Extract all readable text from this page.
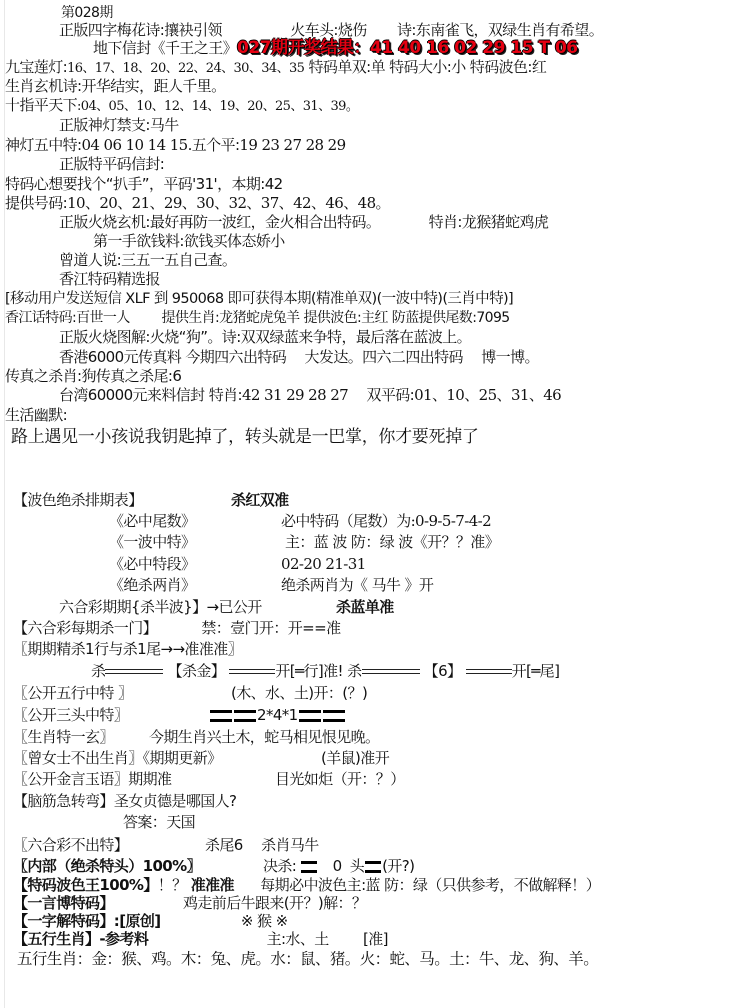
第028期
正版四字梅花诗:攘袂引领	火车头:烧伤 诗:东南雀飞，双绿生肖有希望。
地下信封《千王之王》027期开奖结果：41 40 16 02 29 15 T 06
九宝莲灯:16、17、18、20、22、24、30、34、35 特码单双:单 特码大小:小 特码波色:红
生肖玄机诗:开华结实，距人千里。
十指平天下:04、05、10、12、14、19、20、25、31、39。
正版神灯禁支:马牛
神灯五中特:04 06 10 14 15.五个平:19 23 27 28 29
正版特平码信封:
特码心想要找个“扒手”，平码'31'，本期:42
提供号码:10、20、21、29、30、32、37、42、46、48。
正版火烧玄机:最好再防一波红，金火相合出特码。	特肖:龙猴猪蛇鸡虎
第一手欲钱料:欲钱买体态娇小
曾道人说:三五一五自己查。
香江特码精选报
[移动用户发送短信 XLF 到 950068 即可获得本期(精准单双)(一波中特)(三肖中特)]
香江话特码:百世一人 提供生肖:龙猪蛇虎兔羊 提供波色:主红 防蓝提供尾数:7095
正版火烧图解:火烧“狗”。诗:双双绿蓝来争特，最后落在蓝波上。
香港6000元传真料 今期四六出特码 大发达。四六二四出特码 博一博。
传真之杀肖:狗传真之杀尾:6
台湾60000元来料信封 特肖:42 31 29 28 27 双平码:01、10、25、31、46
生活幽默:
路上遇见一小孩说我钥匙掉了，转头就是一巴掌，你才要死掉了
【波色绝杀排期表】	杀红双准
《必中尾数》	必中特码（尾数）为:0-9-5-7-4-2
《一波中特》	主：蓝 波 防：绿 波《开？？准》
《必中特段》	02-20 21-31
《绝杀两肖》	绝杀两肖为《 马牛 》开
六合彩期期{杀半波}】→已公开	杀蓝单准
【六合彩每期杀一门】	禁：壹门开：开==准
〖期期精杀1行与杀1尾→→准准准〗
杀	【杀金】	开[═行]准! 杀	【6】	开[═尾]
〖公开五行中特 〗	(木、水、土)开：(？)
〖公开三头中特〗	2*4*1
〖生肖特一玄〗 今期生肖兴土木，蛇马相见恨见晚。
〖曾女士不出生肖〗《期期更新》	(羊鼠)准开
〖公开金言玉语〗期期准	目光如炬（开：？）
【脑筋急转弯】圣女贞德是哪国人?
答案：天国
〖六合彩不出特】	杀尾6 杀肖马牛
〖内部（绝杀特头）100%〗	决杀: 0 头 (开?)
【特码波色王100%】！？ 准准准 每期必中波色主:蓝 防：绿（只供参考，不做解释！）
【一言博特码】	鸡走前后牛跟来(开？)解：？
【一字解特码】:[原创]	※ 猴 ※
【五行生肖】-参考料	主:水、土 [准]
五行生肖：金：猴、鸡。木：兔、虎。水：鼠、猪。火：蛇、马。土：牛、龙、狗、羊。
